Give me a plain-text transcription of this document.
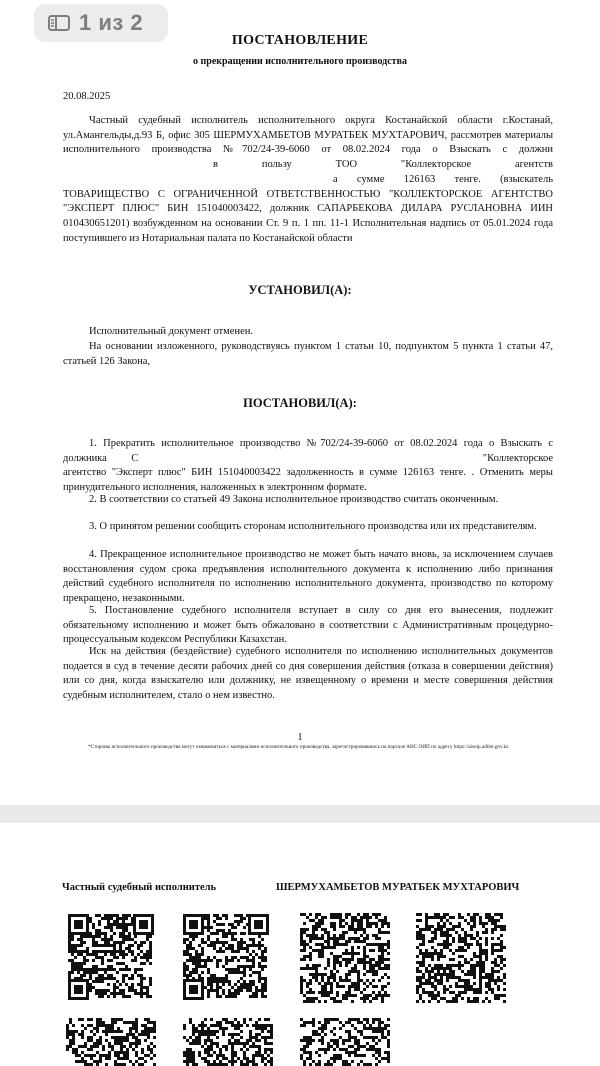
1 из 2
ПОСТАНОВЛЕНИЕ
о прекращении исполнительного производства
20.08.2025
Частный судебный исполнитель исполнительного округа Костанайской области г.Костанай, ул.Амангельды,д.93 Б, офис 305 ШЕРМУХАМБЕТОВ МУРАТБЕК МУХТАРОВИЧ, рассмотрев материалы исполнительного производства №702/24-39-6060 от 08.02.2024 года о Взыскать с должнив	пользу ТОО "Коллекторское агентства сумме 126163 тенге. (взыскатель ТОВАРИЩЕСТВО С ОГРАНИЧЕННОЙ ОТВЕТСТВЕННОСТЬЮ "КОЛЛЕКТОРСКОЕ АГЕНТСТВО "ЭКСПЕРТ ПЛЮС" БИН 151040003422, должник САПАРБЕКОВА ДИЛАРА РУСЛАНОВНА ИИН 010430651201) возбужденном на основании Ст. 9 п. 1 пп. 11-1 Исполнительная надпись от 05.01.2024 года поступившего из Нотариальная палата по Костанайской области
УСТАНОВИЛ(А):
Исполнительный документ отменен.
На основании изложенного, руководствуясь пунктом 1 статьи 10, подпунктом 5 пункта 1 статьи 47, статьей 126 Закона,
ПОСТАНОВИЛ(А):
1. Прекратить исполнительное производство №702/24-39-6060 от 08.02.2024 года о Взыскать с должника С	"Коллекторское агентство "Эксперт плюс" БИН 151040003422 задолженность в сумме 126163 тенге. . Отменить меры принудительного исполнения, наложенных в электронном формате.
2. В соответствии со статьей 49 Закона исполнительное производство считать оконченным.
3. О принятом решении сообщить сторонам исполнительного производства или их представителям.
4. Прекращенное исполнительное производство не может быть начато вновь, за исключением случаев восстановления судом срока предъявления исполнительного документа к исполнению либо признания действий судебного исполнителя по исполнению исполнительного документа, производство по которому прекращено, незаконными.
5. Постановление судебного исполнителя вступает в силу со дня его вынесения, подлежит обязательному исполнению и может быть обжаловано в соответствии с Административным процедурно-процессуальным кодексом Республики Казахстан.
Иск на действия (бездействие) судебного исполнителя по исполнению исполнительных документов подается в суд в течение десяти рабочих дней со дня совершения действия (отказа в совершении действия) или со дня, когда взыскателю или должнику, не извещенному о времени и месте совершения действия судебным исполнителем, стало о нем известно.
1
*Стороны исполнительного производства могут ознакомиться с материалами исполнительного производства, зарегистрировавшись на портале АИС ОИП по адресу https://aisoip.adilet.gov.kz
Частный судебный исполнитель	ШЕРМУХАМБЕТОВ МУРАТБЕК МУХТАРОВИЧ
